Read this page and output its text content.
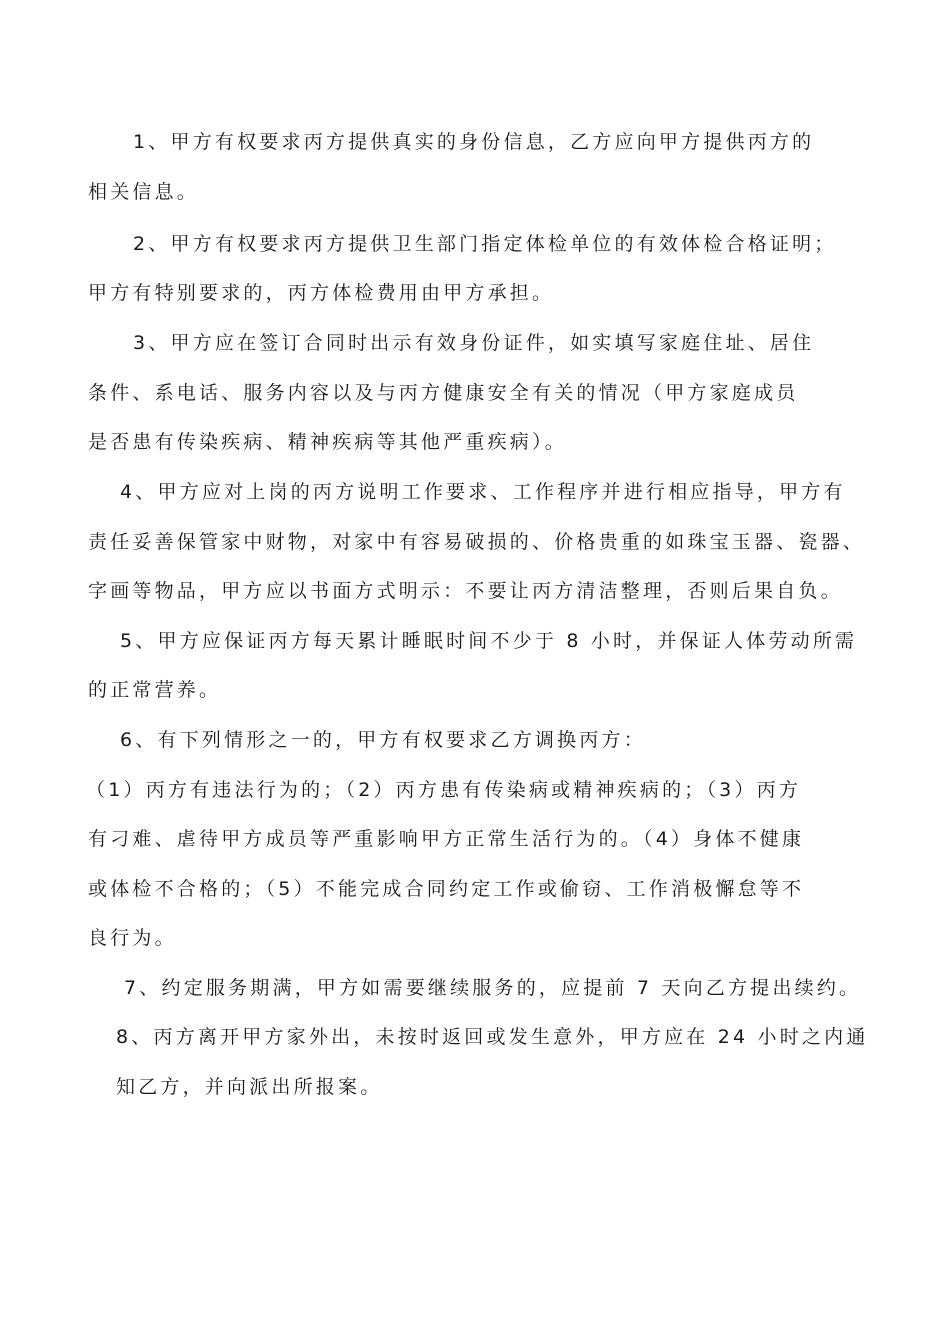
1、甲方有权要求丙方提供真实的身份信息，乙方应向甲方提供丙方的
相关信息。
2、甲方有权要求丙方提供卫生部门指定体检单位的有效体检合格证明；
甲方有特别要求的，丙方体检费用由甲方承担。
3、甲方应在签订合同时出示有效身份证件，如实填写家庭住址、居住
条件、系电话、服务内容以及与丙方健康安全有关的情况（甲方家庭成员
是否患有传染疾病、精神疾病等其他严重疾病）。
4、甲方应对上岗的丙方说明工作要求、工作程序并进行相应指导，甲方有
责任妥善保管家中财物，对家中有容易破损的、价格贵重的如珠宝玉器、瓷器、
字画等物品，甲方应以书面方式明示：不要让丙方清洁整理，否则后果自负。
5、甲方应保证丙方每天累计睡眠时间不少于 8 小时，并保证人体劳动所需
的正常营养。
6、有下列情形之一的，甲方有权要求乙方调换丙方：
（1）丙方有违法行为的；（2）丙方患有传染病或精神疾病的；（3）丙方
有刁难、虐待甲方成员等严重影响甲方正常生活行为的。（4）身体不健康
或体检不合格的；（5）不能完成合同约定工作或偷窃、工作消极懈怠等不
良行为。
7、约定服务期满，甲方如需要继续服务的，应提前 7 天向乙方提出续约。
8、丙方离开甲方家外出，未按时返回或发生意外，甲方应在 24 小时之内通
知乙方，并向派出所报案。
